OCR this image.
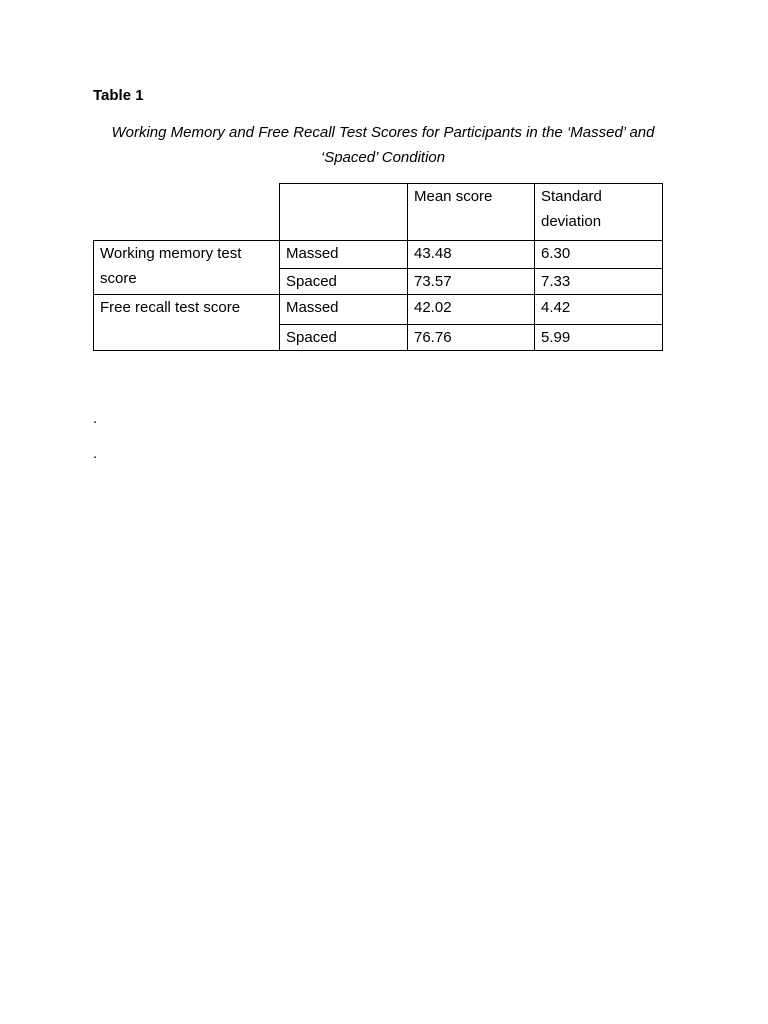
Table 1

Working Memory and Free Recall Test Scores for Participants in the ‘Massed’ and ‘Spaced’ Condition

		Mean score	Standard deviation
Working memory test score	Massed	43.48	6.30
	Spaced	73.57	7.33
Free recall test score	Massed	42.02	4.42
	Spaced	76.76	5.99

.

.
